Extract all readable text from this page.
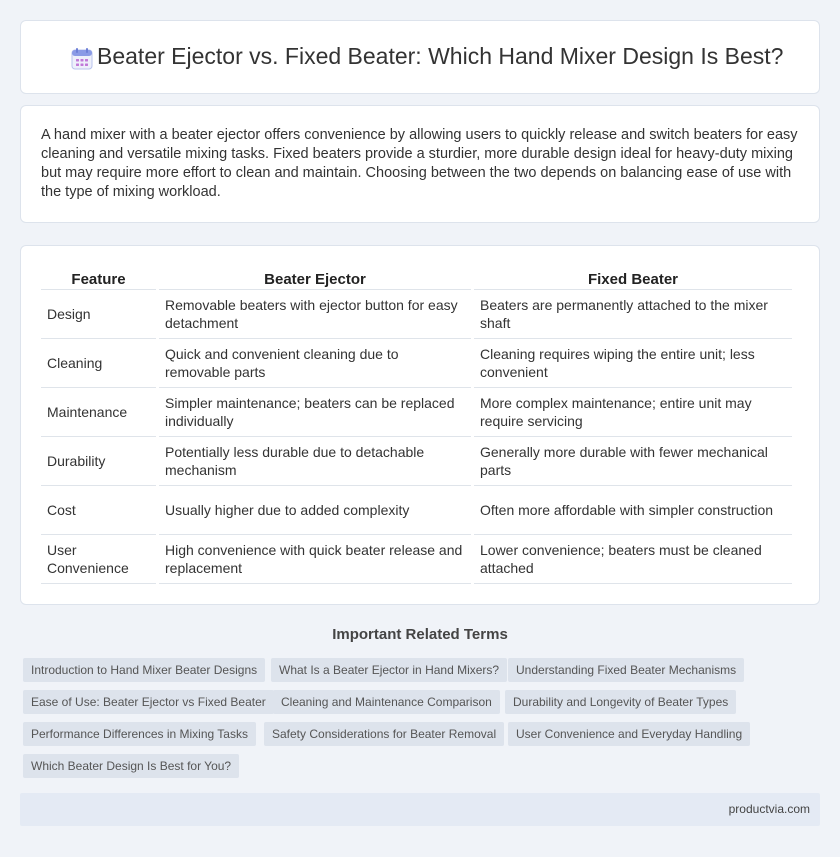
Beater Ejector vs. Fixed Beater: Which Hand Mixer Design Is Best?

A hand mixer with a beater ejector offers convenience by allowing users to quickly release and switch beaters for easy cleaning and versatile mixing tasks. Fixed beaters provide a sturdier, more durable design ideal for heavy-duty mixing but may require more effort to clean and maintain. Choosing between the two depends on balancing ease of use with the type of mixing workload.

Feature	Beater Ejector	Fixed Beater
Design	Removable beaters with ejector button for easy detachment	Beaters are permanently attached to the mixer shaft
Cleaning	Quick and convenient cleaning due to removable parts	Cleaning requires wiping the entire unit; less convenient
Maintenance	Simpler maintenance; beaters can be replaced individually	More complex maintenance; entire unit may require servicing
Durability	Potentially less durable due to detachable mechanism	Generally more durable with fewer mechanical parts
Cost	Usually higher due to added complexity	Often more affordable with simpler construction
User Convenience	High convenience with quick beater release and replacement	Lower convenience; beaters must be cleaned attached
Important Related Terms
Introduction to Hand Mixer Beater Designs	What Is a Beater Ejector in Hand Mixers?	Understanding Fixed Beater Mechanisms
Ease of Use: Beater Ejector vs Fixed Beater	Cleaning and Maintenance Comparison	Durability and Longevity of Beater Types
Performance Differences in Mixing Tasks	Safety Considerations for Beater Removal	User Convenience and Everyday Handling
Which Beater Design Is Best for You?
productvia.com
